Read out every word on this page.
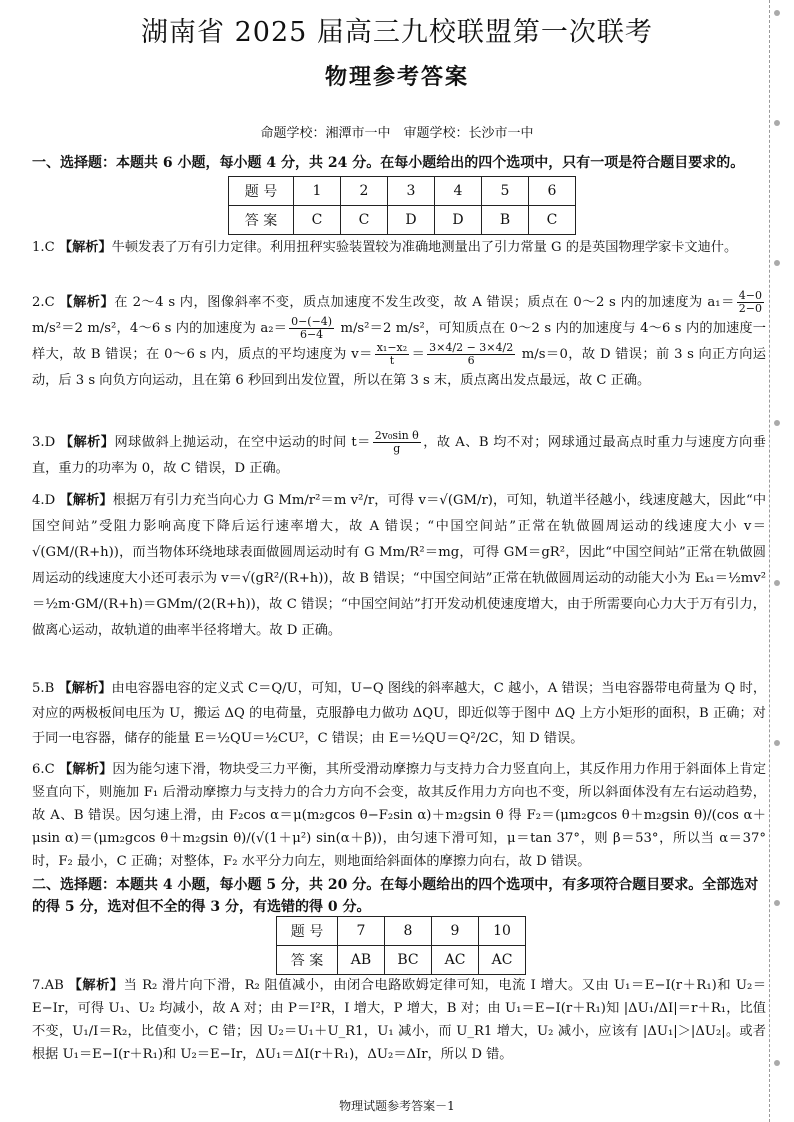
湖南省 2025 届高三九校联盟第一次联考
物理参考答案
命题学校：湘潭市一中　审题学校：长沙市一中
一、选择题：本题共 6 小题，每小题 4 分，共 24 分。在每小题给出的四个选项中，只有一项是符合题目要求的。
题 号	1	2	3	4	5	6
答 案	C	C	D	D	B	C
1.C 【解析】牛顿发表了万有引力定律。利用扭秤实验装置较为准确地测量出了引力常量 G 的是英国物理学家卡文迪什。
2.C 【解析】在 2～4 s 内，图像斜率不变，质点加速度不发生改变，故 A 错误；质点在 0～2 s 内的加速度为 $a_1= \frac{4-0}{2-0}$
m/s²＝2 m/s²，4～6 s 内的加速度为 $a_2= \frac{0-(-4)}{6-4} m/s^2=2$ m/s²，可知质点在 0～2 s 内的加速度与 4～6 s 内的加速度一样大，故 B 错误；在 0～6 s 内，质点的平均速度为 $v= \frac{\text{x₁−x₂}}{t} = \frac{3\times 4/2 - 3\times 4/2}{6} m/s=0$，故 D 错误；前 3 s 向正方向运动，后 3 s 向负方向运动，且在第 6 秒回到出发位置，所以在第 3 s 末，质点离出发点最远，故 C 正确。
3.D 【解析】网球做斜上抛运动，在空中运动的时间 $t= \frac{\text{2v₀sin θ}}{g}$ ，故 A、B 均不对；网球通过最高点时重力与速度方向垂直，重力的功率为 0，故 C 错误，D 正确。
4.D 【解析】根据万有引力充当向心力 G Mm/r²＝m v²/r，可得 v＝√(GM/r)，可知，轨道半径越小，线速度越大，因此“中国空间站”受阻力影响高度下降后运行速率增大，故 A 错误；“中国空间站”正常在轨做圆周运动的线速度大小 v＝√(GM/(R+h))，而当物体环绕地球表面做圆周运动时有 G Mm/R²＝mg，可得 GM＝gR²，因此“中国空间站”正常在轨做圆周运动的线速度大小还可表示为 v＝√(gR²/(R+h))，故 B 错误；“中国空间站”正常在轨做圆周运动的动能大小为 Eₖ₁＝½mv²＝½m·GM/(R+h)＝GMm/(2(R+h))，故 C 错误；“中国空间站”打开发动机使速度增大，由于所需要向心力大于万有引力，做离心运动，故轨道的曲率半径将增大。故 D 正确。
5.B 【解析】由电容器电容的定义式 C＝Q/U，可知，U−Q 图线的斜率越大，C 越小，A 错误；当电容器带电荷量为 Q 时，对应的两极板间电压为 U，搬运 ΔQ 的电荷量，克服静电力做功 ΔQU，即近似等于图中 ΔQ 上方小矩形的面积，B 正确；对于同一电容器，储存的能量 E＝½QU＝½CU²，C 错误；由 E＝½QU＝Q²/2C，知 D 错误。
6.C 【解析】因为能匀速下滑，物块受三力平衡，其所受滑动摩擦力与支持力合力竖直向上，其反作用力作用于斜面体上肯定竖直向下，则施加 F₁ 后滑动摩擦力与支持力的合力方向不会变，故其反作用力方向也不变，所以斜面体没有左右运动趋势，故 A、B 错误。因匀速上滑，由 F₂cos α＝μ(m₂gcos θ−F₂sin α)＋m₂gsin θ 得 F₂＝(μm₂gcos θ＋m₂gsin θ)/(cos α＋μsin α)＝(μm₂gcos θ＋m₂gsin θ)/(√(1＋μ²) sin(α＋β))，由匀速下滑可知，μ＝tan 37°，则 β＝53°，所以当 α＝37°时，F₂ 最小，C 正确；对整体，F₂ 水平分力向左，则地面给斜面体的摩擦力向右，故 D 错误。
二、选择题：本题共 4 小题，每小题 5 分，共 20 分。在每小题给出的四个选项中，有多项符合题目要求。全部选对的得 5 分，选对但不全的得 3 分，有选错的得 0 分。
题 号	7	8	9	10
答 案	AB	BC	AC	AC
7.AB 【解析】当 R₂ 滑片向下滑，R₂ 阻值减小，由闭合电路欧姆定律可知，电流 I 增大。又由 U₁＝E−I(r＋R₁)和 U₂＝E−Ir，可得 U₁、U₂ 均减小，故 A 对；由 P＝I²R，I 增大，P 增大，B 对；由 U₁＝E−I(r＋R₁)知 |ΔU₁/ΔI|＝r＋R₁，比值不变，U₁/I＝R₂，比值变小，C 错；因 U₂＝U₁＋U_R1，U₁ 减小，而 U_R1 增大，U₂ 减小，应该有 |ΔU₁|＞|ΔU₂|。或者根据 U₁＝E−I(r＋R₁)和 U₂＝E−Ir，ΔU₁＝ΔI(r＋R₁)，ΔU₂＝ΔIr，所以 D 错。
物理试题参考答案－1
